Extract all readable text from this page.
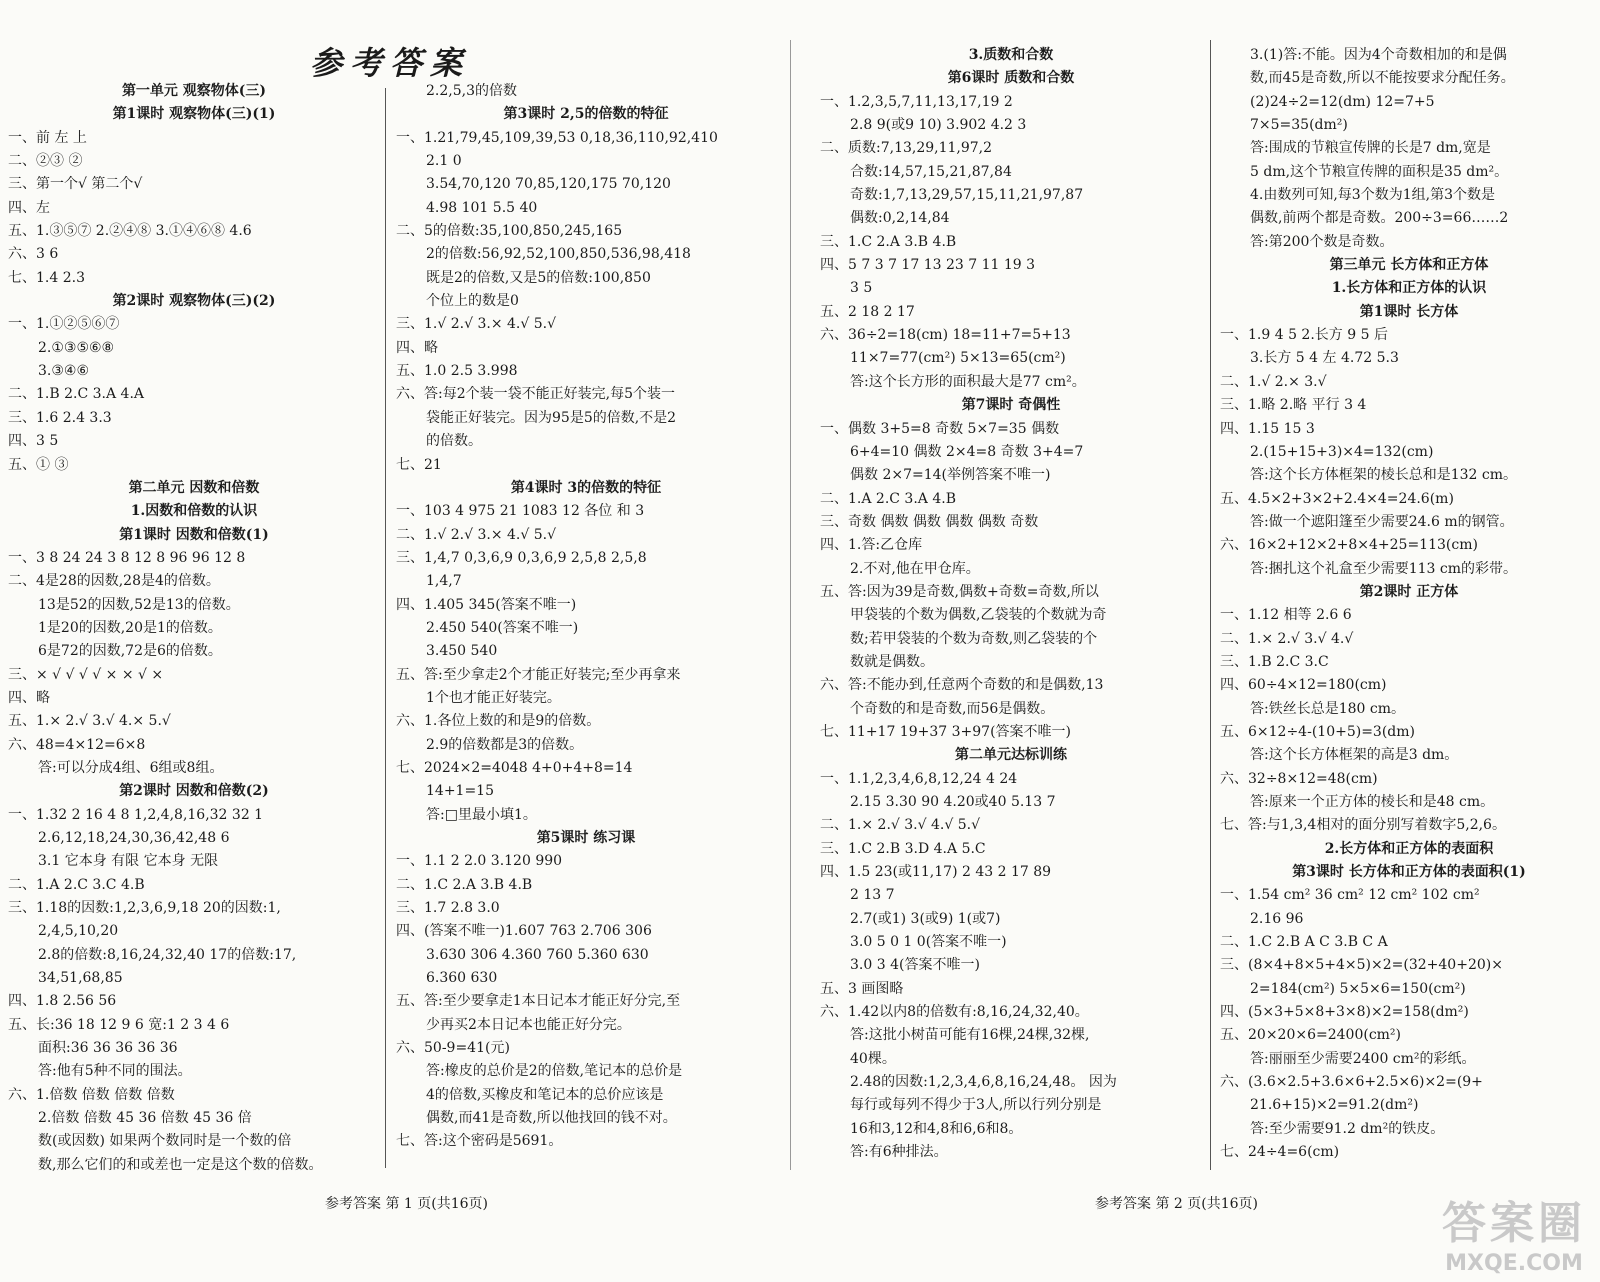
参考答案
第一单元 观察物体(三)
第1课时 观察物体(三)(1)
一、前 左 上
二、②③ ②
三、第一个√ 第二个√
四、左
五、1.③⑤⑦ 2.②④⑧ 3.①④⑥⑧ 4.6
六、3 6
七、1.4 2.3
第2课时 观察物体(三)(2)
一、1.①②⑤⑥⑦
2.①③⑤⑥⑧
3.③④⑥
二、1.B 2.C 3.A 4.A
三、1.6 2.4 3.3
四、3 5
五、① ③
第二单元 因数和倍数
1.因数和倍数的认识
第1课时 因数和倍数(1)
一、3 8 24 24 3 8 12 8 96 96 12 8
二、4是28的因数,28是4的倍数。
13是52的因数,52是13的倍数。
1是20的因数,20是1的倍数。
6是72的因数,72是6的倍数。
三、× √ √ √ √ × × √ ×
四、略
五、1.× 2.√ 3.√ 4.× 5.√
六、48=4×12=6×8
答:可以分成4组、6组或8组。
第2课时 因数和倍数(2)
一、1.32 2 16 4 8 1,2,4,8,16,32 32 1
2.6,12,18,24,30,36,42,48 6
3.1 它本身 有限 它本身 无限
二、1.A 2.C 3.C 4.B
三、1.18的因数:1,2,3,6,9,18 20的因数:1,
2,4,5,10,20
2.8的倍数:8,16,24,32,40 17的倍数:17,
34,51,68,85
四、1.8 2.56 56
五、长:36 18 12 9 6 宽:1 2 3 4 6
面积:36 36 36 36 36
答:他有5种不同的围法。
六、1.倍数 倍数 倍数 倍数
2.倍数 倍数 45 36 倍数 45 36 倍
数(或因数) 如果两个数同时是一个数的倍
数,那么它们的和或差也一定是这个数的倍数。
2.2,5,3的倍数
第3课时 2,5的倍数的特征
一、1.21,79,45,109,39,53 0,18,36,110,92,410
2.1 0
3.54,70,120 70,85,120,175 70,120
4.98 101 5.5 40
二、5的倍数:35,100,850,245,165
2的倍数:56,92,52,100,850,536,98,418
既是2的倍数,又是5的倍数:100,850
个位上的数是0
三、1.√ 2.√ 3.× 4.√ 5.√
四、略
五、1.0 2.5 3.998
六、答:每2个装一袋不能正好装完,每5个装一
袋能正好装完。因为95是5的倍数,不是2
的倍数。
七、21
第4课时 3的倍数的特征
一、103 4 975 21 1083 12 各位 和 3
二、1.√ 2.√ 3.× 4.√ 5.√
三、1,4,7 0,3,6,9 0,3,6,9 2,5,8 2,5,8
1,4,7
四、1.405 345(答案不唯一)
2.450 540(答案不唯一)
3.450 540
五、答:至少拿走2个才能正好装完;至少再拿来
1个也才能正好装完。
六、1.各位上数的和是9的倍数。
2.9的倍数都是3的倍数。
七、2024×2=4048 4+0+4+8=14
14+1=15
答:□里最小填1。
第5课时 练习课
一、1.1 2 2.0 3.120 990
二、1.C 2.A 3.B 4.B
三、1.7 2.8 3.0
四、(答案不唯一)1.607 763 2.706 306
3.630 306 4.360 760 5.360 630
6.360 630
五、答:至少要拿走1本日记本才能正好分完,至
少再买2本日记本也能正好分完。
六、50-9=41(元)
答:橡皮的总价是2的倍数,笔记本的总价是
4的倍数,买橡皮和笔记本的总价应该是
偶数,而41是奇数,所以他找回的钱不对。
七、答:这个密码是5691。
3.质数和合数
第6课时 质数和合数
一、1.2,3,5,7,11,13,17,19 2
2.8 9(或9 10) 3.902 4.2 3
二、质数:7,13,29,11,97,2
合数:14,57,15,21,87,84
奇数:1,7,13,29,57,15,11,21,97,87
偶数:0,2,14,84
三、1.C 2.A 3.B 4.B
四、5 7 3 7 17 13 23 7 11 19 3
3 5
五、2 18 2 17
六、36÷2=18(cm) 18=11+7=5+13
11×7=77(cm²) 5×13=65(cm²)
答:这个长方形的面积最大是77 cm²。
第7课时 奇偶性
一、偶数 3+5=8 奇数 5×7=35 偶数
6+4=10 偶数 2×4=8 奇数 3+4=7
偶数 2×7=14(举例答案不唯一)
二、1.A 2.C 3.A 4.B
三、奇数 偶数 偶数 偶数 偶数 奇数
四、1.答:乙仓库
2.不对,他在甲仓库。
五、答:因为39是奇数,偶数+奇数=奇数,所以
甲袋装的个数为偶数,乙袋装的个数就为奇
数;若甲袋装的个数为奇数,则乙袋装的个
数就是偶数。
六、答:不能办到,任意两个奇数的和是偶数,13
个奇数的和是奇数,而56是偶数。
七、11+17 19+37 3+97(答案不唯一)
第二单元达标训练
一、1.1,2,3,4,6,8,12,24 4 24
2.15 3.30 90 4.20或40 5.13 7
二、1.× 2.√ 3.√ 4.√ 5.√
三、1.C 2.B 3.D 4.A 5.C
四、1.5 23(或11,17) 2 43 2 17 89
2 13 7
2.7(或1) 3(或9) 1(或7)
3.0 5 0 1 0(答案不唯一)
3.0 3 4(答案不唯一)
五、3 画图略
六、1.42以内8的倍数有:8,16,24,32,40。
答:这批小树苗可能有16棵,24棵,32棵,
40棵。
2.48的因数:1,2,3,4,6,8,16,24,48。 因为
每行或每列不得少于3人,所以行列分别是
16和3,12和4,8和6,6和8。
答:有6种排法。
3.(1)答:不能。因为4个奇数相加的和是偶
数,而45是奇数,所以不能按要求分配任务。
(2)24÷2=12(dm) 12=7+5
7×5=35(dm²)
答:围成的节粮宣传牌的长是7 dm,宽是
5 dm,这个节粮宣传牌的面积是35 dm²。
4.由数列可知,每3个数为1组,第3个数是
偶数,前两个都是奇数。200÷3=66……2
答:第200个数是奇数。
第三单元 长方体和正方体
1.长方体和正方体的认识
第1课时 长方体
一、1.9 4 5 2.长方 9 5 后
3.长方 5 4 左 4.72 5.3
二、1.√ 2.× 3.√
三、1.略 2.略 平行 3 4
四、1.15 15 3
2.(15+15+3)×4=132(cm)
答:这个长方体框架的棱长总和是132 cm。
五、4.5×2+3×2+2.4×4=24.6(m)
答:做一个遮阳篷至少需要24.6 m的钢管。
六、16×2+12×2+8×4+25=113(cm)
答:捆扎这个礼盒至少需要113 cm的彩带。
第2课时 正方体
一、1.12 相等 2.6 6
二、1.× 2.√ 3.√ 4.√
三、1.B 2.C 3.C
四、60÷4×12=180(cm)
答:铁丝长总是180 cm。
五、6×12÷4-(10+5)=3(dm)
答:这个长方体框架的高是3 dm。
六、32÷8×12=48(cm)
答:原来一个正方体的棱长和是48 cm。
七、答:与1,3,4相对的面分别写着数字5,2,6。
2.长方体和正方体的表面积
第3课时 长方体和正方体的表面积(1)
一、1.54 cm² 36 cm² 12 cm² 102 cm²
2.16 96
二、1.C 2.B A C 3.B C A
三、(8×4+8×5+4×5)×2=(32+40+20)×
2=184(cm²) 5×5×6=150(cm²)
四、(5×3+5×8+3×8)×2=158(dm²)
五、20×20×6=2400(cm²)
答:丽丽至少需要2400 cm²的彩纸。
六、(3.6×2.5+3.6×6+2.5×6)×2=(9+
21.6+15)×2=91.2(dm²)
答:至少需要91.2 dm²的铁皮。
七、24÷4=6(cm)
参考答案 第 1 页(共16页)	参考答案 第 2 页(共16页)	答案圈
MXQE.COM
